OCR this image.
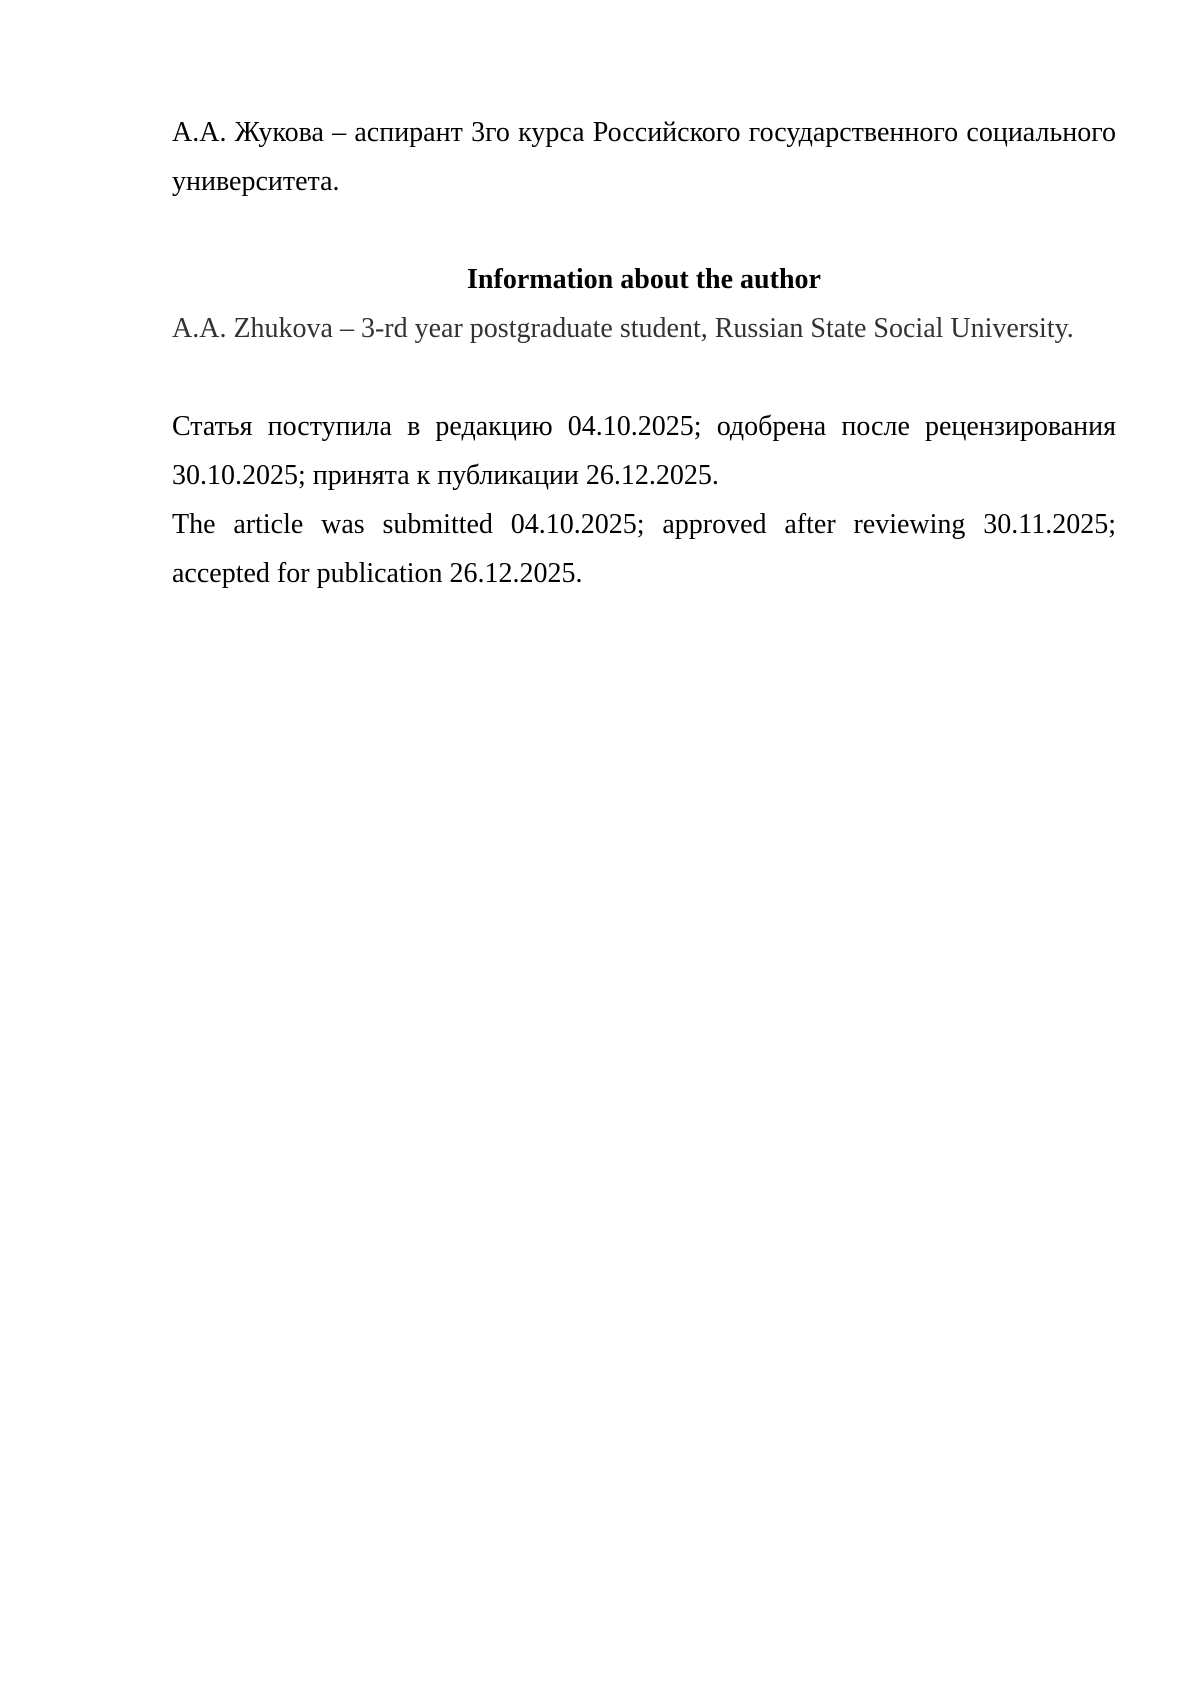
А.А. Жукова – аспирант 3го курса Российского государственного социального университета.

Information about the author

A.A. Zhukova – 3-rd year postgraduate student, Russian State Social University.

Статья поступила в редакцию 04.10.2025; одобрена после рецензирования 30.10.2025; принята к публикации 26.12.2025.

The article was submitted 04.10.2025; approved after reviewing 30.11.2025; accepted for publication 26.12.2025.
